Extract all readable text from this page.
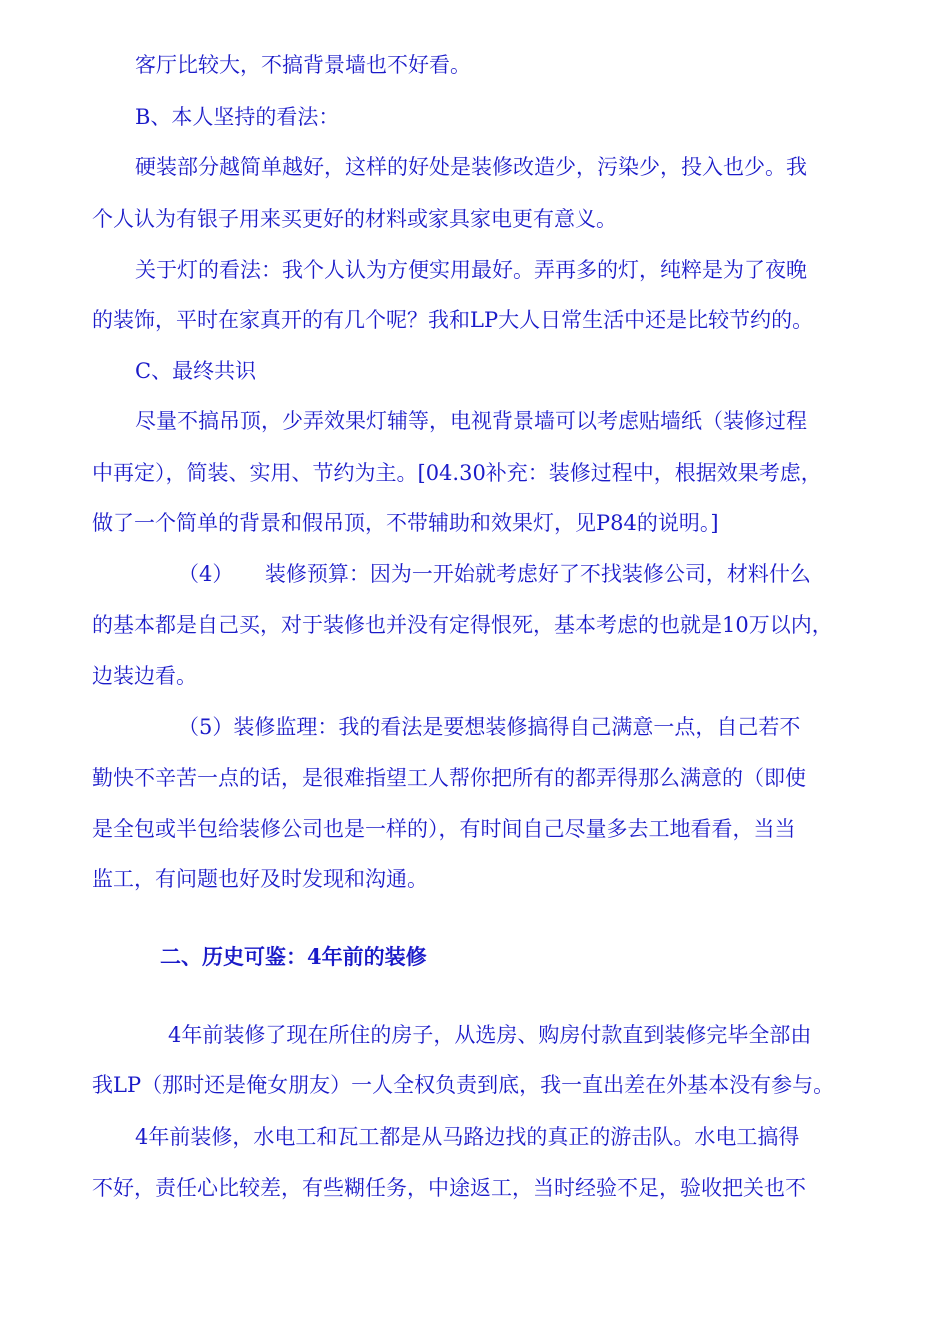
客厅比较大，不搞背景墙也不好看。
B、本人坚持的看法：
硬装部分越简单越好，这样的好处是装修改造少，污染少，投入也少。我
个人认为有银子用来买更好的材料或家具家电更有意义。
关于灯的看法：我个人认为方便实用最好。弄再多的灯，纯粹是为了夜晚
的装饰，平时在家真开的有几个呢？我和LP大人日常生活中还是比较节约的。
C、最终共识
尽量不搞吊顶，少弄效果灯辅等，电视背景墙可以考虑贴墙纸（装修过程
中再定），简装、实用、节约为主。[04.30补充：装修过程中，根据效果考虑，
做了一个简单的背景和假吊顶，不带辅助和效果灯，见P84的说明。]
（4）　　装修预算：因为一开始就考虑好了不找装修公司，材料什么
的基本都是自己买，对于装修也并没有定得恨死，基本考虑的也就是10万以内，
边装边看。
（5）装修监理：我的看法是要想装修搞得自己满意一点，自己若不
勤快不辛苦一点的话，是很难指望工人帮你把所有的都弄得那么满意的（即使
是全包或半包给装修公司也是一样的），有时间自己尽量多去工地看看，当当
监工，有问题也好及时发现和沟通。
二、历史可鉴：4年前的装修
4年前装修了现在所住的房子，从选房、购房付款直到装修完毕全部由
我LP（那时还是俺女朋友）一人全权负责到底，我一直出差在外基本没有参与。
4年前装修，水电工和瓦工都是从马路边找的真正的游击队。水电工搞得
不好，责任心比较差，有些糊任务，中途返工，当时经验不足，验收把关也不
